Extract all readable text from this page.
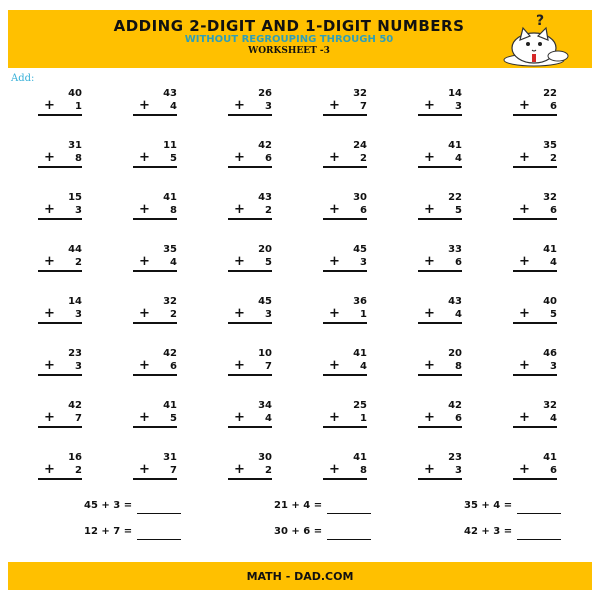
ADDING 2-DIGIT AND 1-DIGIT NUMBERS
WITHOUT REGROUPING THROUGH 50
WORKSHEET -3
?
Add:
40
+ 1
43
+ 4
26
+ 3
32
+ 7
14
+ 3
22
+ 6
31
+ 8
11
+ 5
42
+ 6
24
+ 2
41
+ 4
35
+ 2
15
+ 3
41
+ 8
43
+ 2
30
+ 6
22
+ 5
32
+ 6
44
+ 2
35
+ 4
20
+ 5
45
+ 3
33
+ 6
41
+ 4
14
+ 3
32
+ 2
45
+ 3
36
+ 1
43
+ 4
40
+ 5
23
+ 3
42
+ 6
10
+ 7
41
+ 4
20
+ 8
46
+ 3
42
+ 7
41
+ 5
34
+ 4
25
+ 1
42
+ 6
32
+ 4
16
+ 2
31
+ 7
30
+ 2
41
+ 8
23
+ 3
41
+ 6
45 + 3 =	21 + 4 =	35 + 4 =
12 + 7 =	30 + 6 =	42 + 3 =
MATH - DAD.COM
